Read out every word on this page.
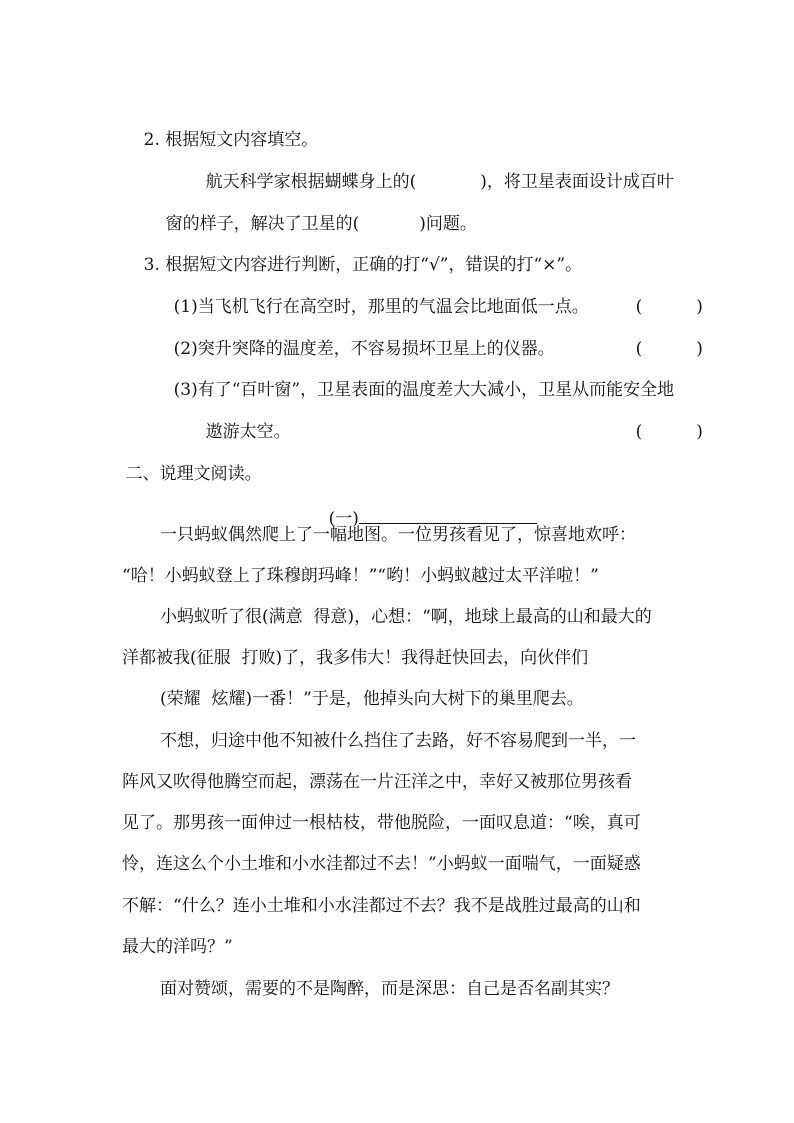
2. 根据短文内容填空。

航天科学家根据蝴蝶身上的(	)，将卫星表面设计成百叶

窗的样子，解决了卫星的(	)问题。

3. 根据短文内容进行判断，正确的打“√”，错误的打“×”。

(1)当飞机飞行在高空时，那里的气温会比地面低一点。
	(	)

(2)突升突降的温度差，不容易损坏卫星上的仪器。
	(	)

(3)有了“百叶窗”，卫星表面的温度差大大减小，卫星从而能安全地

遨游太空。
	(	)

二、说理文阅读。

(一)

一只蚂蚁偶然爬上了一幅地图。一位男孩看见了，惊喜地欢呼：
“哈！小蚂蚁登上了珠穆朗玛峰！”“哟！小蚂蚁越过太平洋啦！”
小蚂蚁听了很(满意  得意)，心想：“啊，地球上最高的山和最大的
洋都被我(征服  打败)了，我多伟大！我得赶快回去，向伙伴们
(荣耀  炫耀)一番！”于是，他掉头向大树下的巢里爬去。
不想，归途中他不知被什么挡住了去路，好不容易爬到一半，一
阵风又吹得他腾空而起，漂荡在一片汪洋之中，幸好又被那位男孩看
见了。那男孩一面伸过一根枯枝，带他脱险，一面叹息道：“唉，真可
怜，连这么个小土堆和小水洼都过不去！”小蚂蚁一面喘气，一面疑惑
不解：“什么？连小土堆和小水洼都过不去？我不是战胜过最高的山和
最大的洋吗？”
面对赞颂，需要的不是陶醉，而是深思：自己是否名副其实？
